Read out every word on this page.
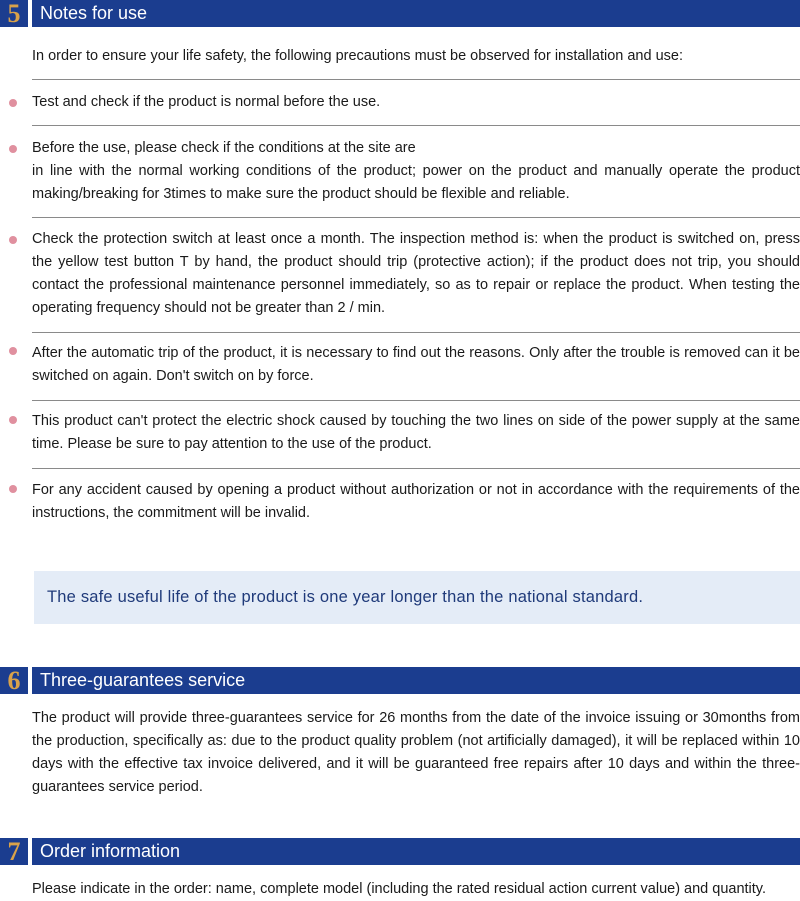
5	Notes for use
In order to ensure your life safety, the following precautions must be observed for installation and use:
Test and check if the product is normal before the use.
Before the use, please check if the conditions at the site are
in line with the normal working conditions of the product; power on the product and manually operate the product making/breaking for 3times to make sure the product should be flexible and reliable.
Check the protection switch at least once a month. The inspection method is: when the product is switched on, press the yellow test button T by hand, the product should trip (protective action); if the product does not trip, you should contact the professional maintenance personnel immediately, so as to repair or replace the product. When testing the operating frequency should not be greater than 2 / min.
After the automatic trip of the product, it is necessary to find out the reasons. Only after the trouble is removed can it be switched on again. Don't switch on by force.
This product can't protect the electric shock caused by touching the two lines on side of the power supply at the same time. Please be sure to pay attention to the use of the product.
For any accident caused by opening a product without authorization or not in accordance with the requirements of the instructions, the commitment will be invalid.
The safe useful life of the product is one year longer than the national standard.
6	Three-guarantees service
The product will provide three-guarantees service for 26 months from the date of the invoice issuing or 30months from the production, specifically as: due to the product quality problem (not artificially damaged), it will be replaced within 10 days with the effective tax invoice delivered, and it will be guaranteed free repairs after 10 days and within the three-guarantees service period.
7	Order information
Please indicate in the order: name, complete model (including the rated residual action current value) and quantity.
